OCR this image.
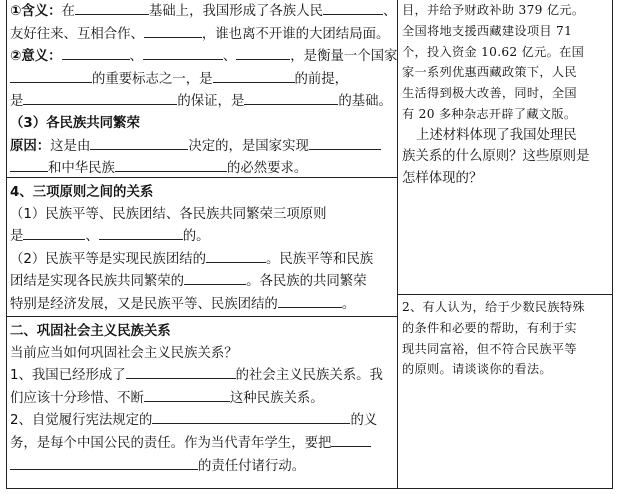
①含义：在	基础上，我国形成了各族人民	、

友好往来、互相合作、	，谁也离不开谁的大团结局面。

②意义：	、	、	，是衡量一个国家

的重要标志之一，是	的前提，

是	的保证，是	的基础。

（3）各民族共同繁荣

原因：这是由	决定的，是国家实现

和中华民族	的必然要求。

4、三项原则之间的关系

（1）民族平等、民族团结、各民族共同繁荣三项原则

是	、	的。

（2）民族平等是实现民族团结的	。民族平等和民族

团结是实现各民族共同繁荣的	。各民族的共同繁荣

特别是经济发展，又是民族平等、民族团结的	。

二、巩固社会主义民族关系

当前应当如何巩固社会主义民族关系？

1、我国已经形成了	的社会主义民族关系。我

们应该十分珍惜、不断	这种民族关系。

2、自觉履行宪法规定的	的义

务，是每个中国公民的责任。作为当代青年学生，要把

的责任付诸行动。

目，并给予财政补助 379 亿元。

全国将地支援西藏建设项目 71

个，投入资金 10.62 亿元。在国

家一系列优惠西藏政策下，人民

生活得到极大改善，同时，全国

有 20 多种杂志开辟了藏文版。

上述材料体现了我国处理民

族关系的什么原则？这些原则是

怎样体现的？

2、有人认为，给于少数民族特殊

的条件和必要的帮助，有利于实

现共同富裕，但不符合民族平等

的原则。请谈谈你的看法。
